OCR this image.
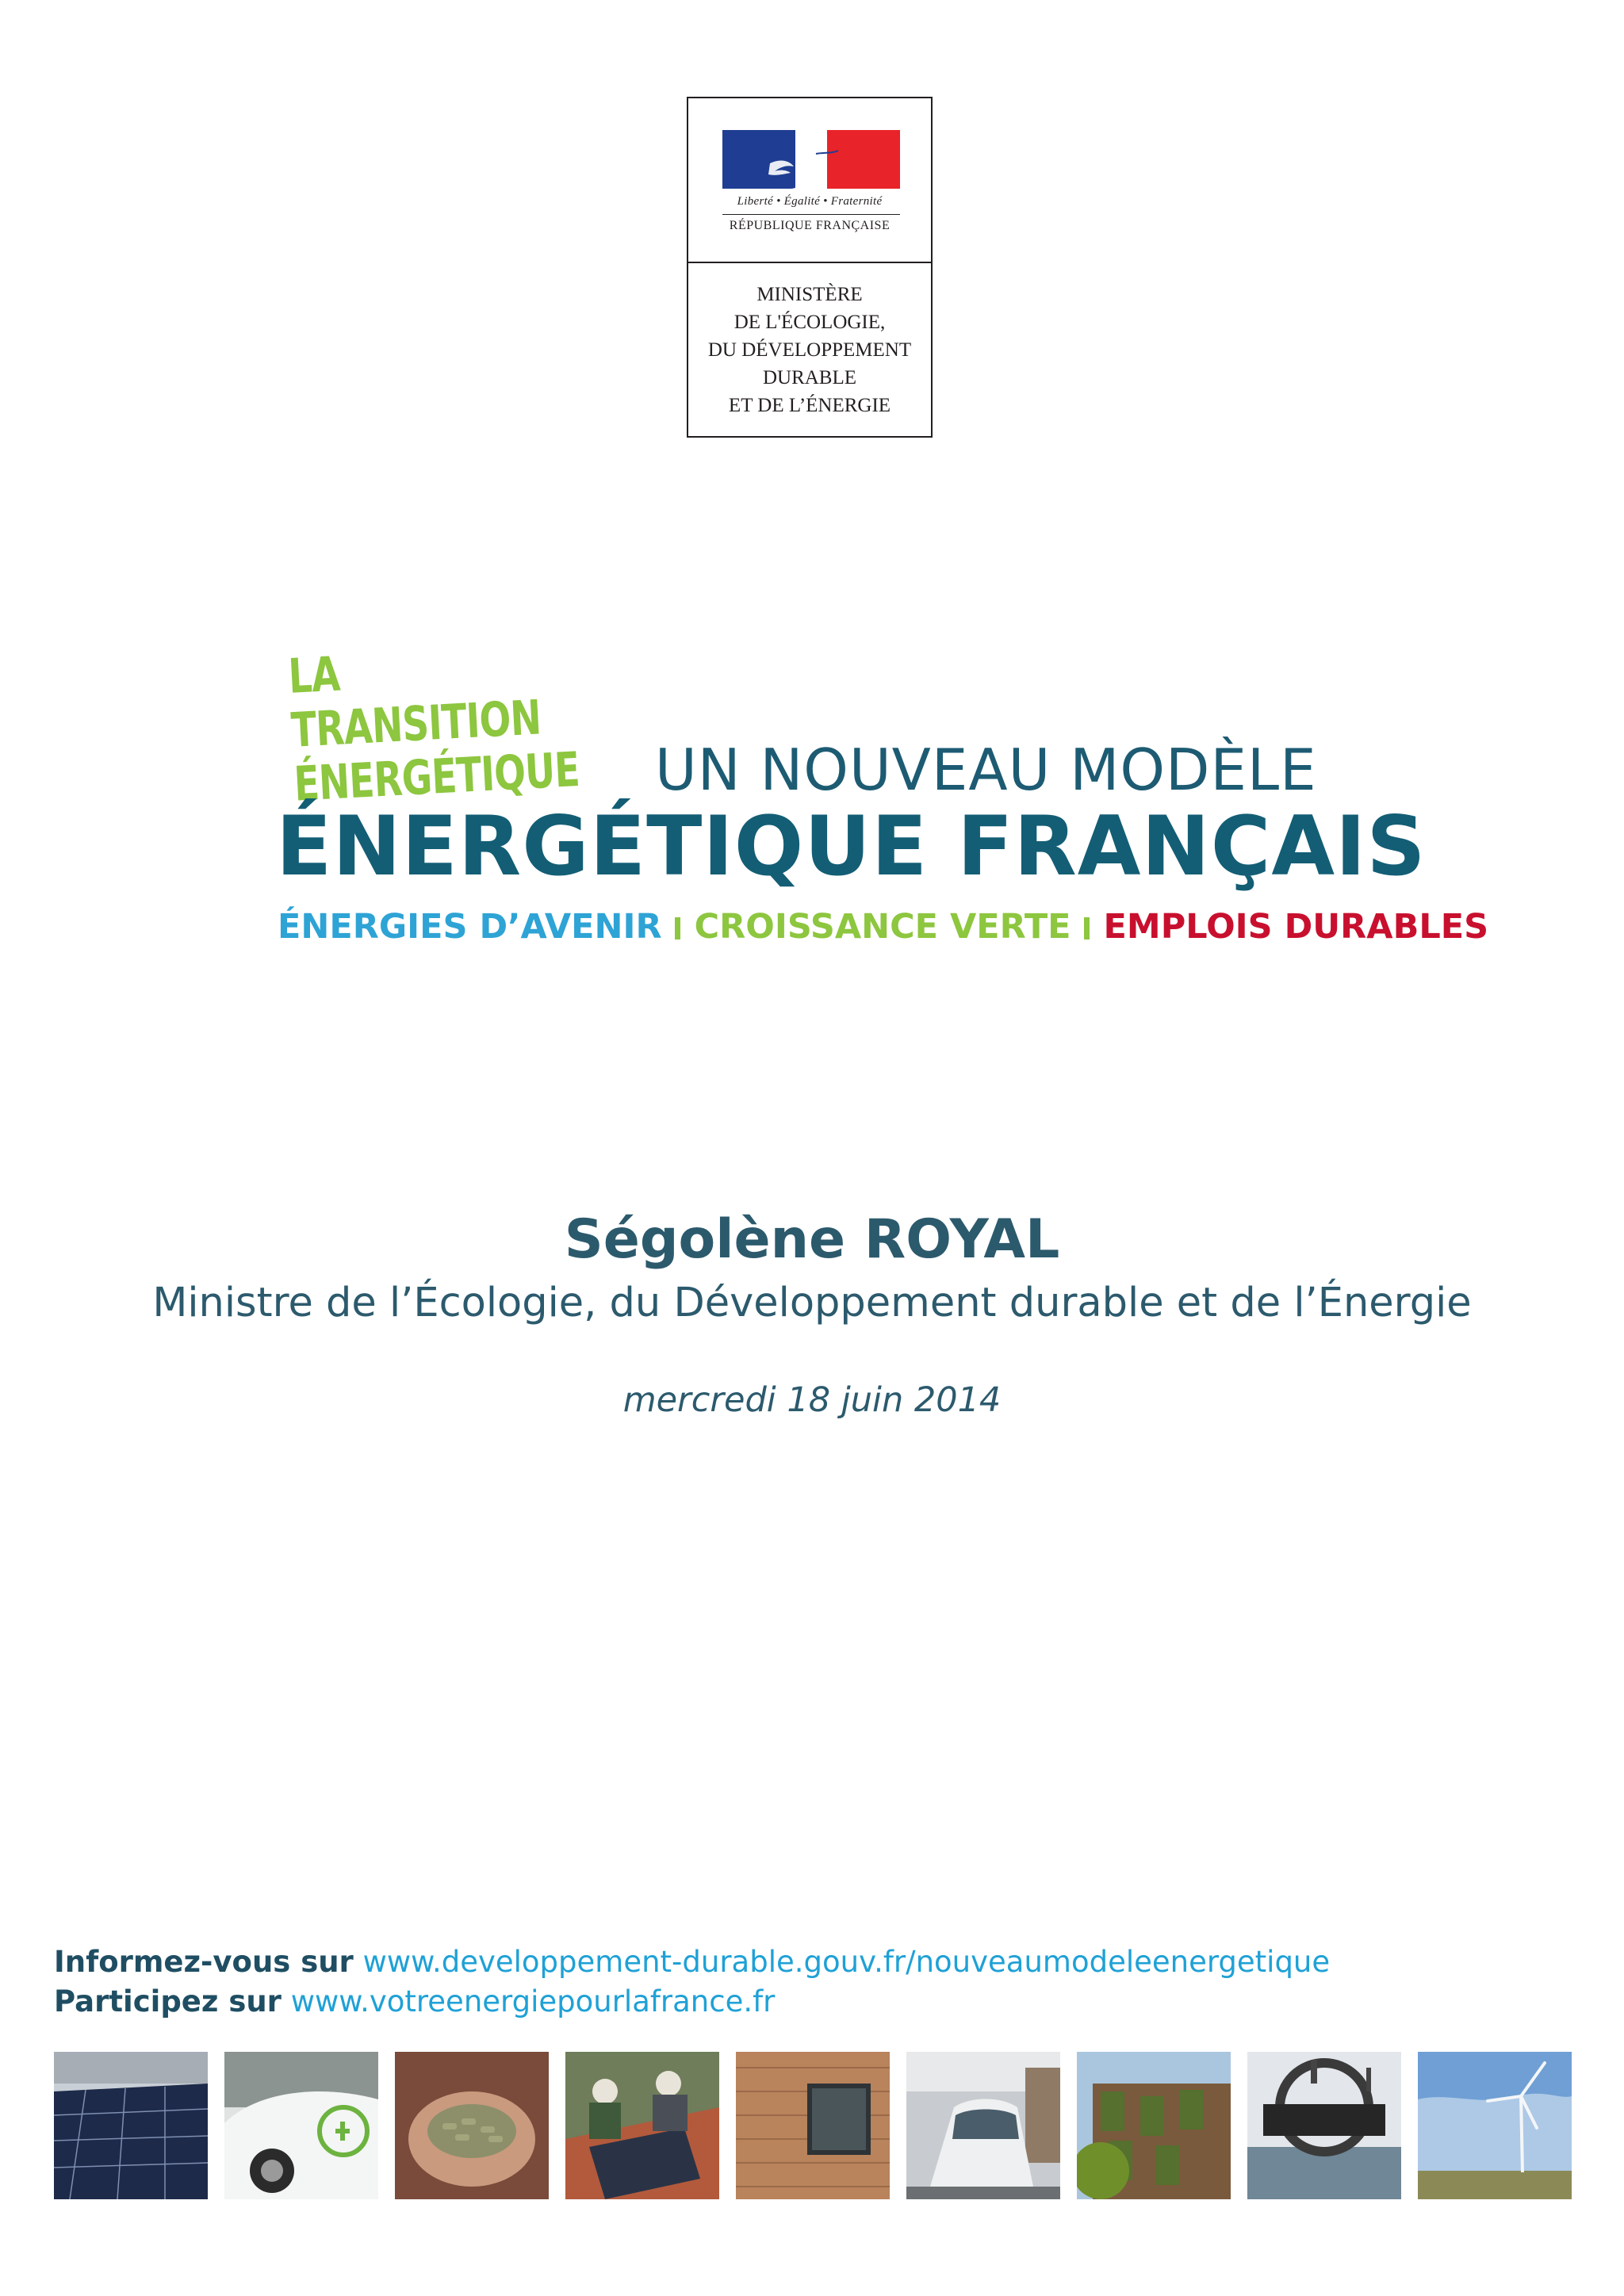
Liberté • Égalité • Fraternité
RÉPUBLIQUE FRANÇAISE
MINISTÈRE
DE L'ÉCOLOGIE,
DU DÉVELOPPEMENT
DURABLE
ET DE L’ÉNERGIE
LA TRANSITION
ÉNERGÉTIQUE UN NOUVEAU MODÈLE
ÉNERGÉTIQUE FRANÇAIS
ÉNERGIES D’AVENIR CROISSANCE VERTE EMPLOIS DURABLES
Ségolène ROYAL
Ministre de l’Écologie, du Développement durable et de l’Énergie
mercredi 18 juin 2014
Informez-vous sur www.developpement-durable.gouv.fr/nouveaumodeleenergetique
Participez sur www.votreenergiepourlafrance.fr
